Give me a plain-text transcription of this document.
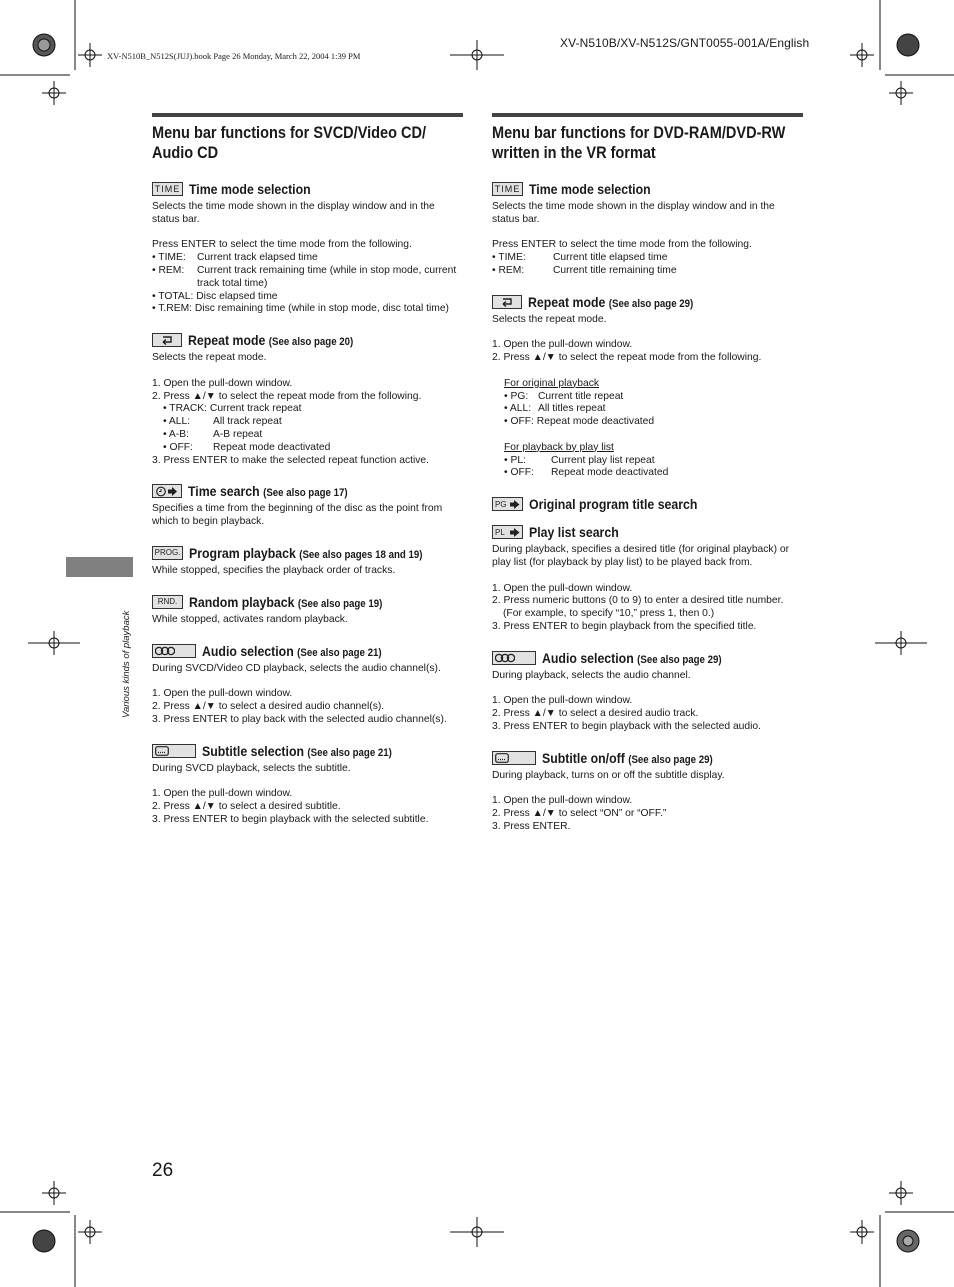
XV-N510B/XV-N512S/GNT0055-001A/English
XV-N510B_N512S(JUJ).book Page 26 Monday, March 22, 2004 1:39 PM
Various kinds of playback
Menu bar functions for SVCD/Video CD/ Audio CD
TIME Time mode selection

Selects the time mode shown in the display window and in the status bar.

Press ENTER to select the time mode from the following.

• TIME: Current track elapsed time

• REM:	Current track remaining time (while in stop mode, current track total time)

• TOTAL: Disc elapsed time

• T.REM: Disc remaining time (while in stop mode, disc total time)

Repeat mode (See also page 20)

Selects the repeat mode.

1. Open the pull-down window.

2. Press ▲/▼ to select the repeat mode from the following.

• TRACK: Current track repeat

• ALL: All track repeat

• A-B: A-B repeat

• OFF: Repeat mode deactivated

3. Press ENTER to make the selected repeat function active.

Time search (See also page 17)

Specifies a time from the beginning of the disc as the point from which to begin playback.

PROG. Program playback (See also pages 18 and 19)

While stopped, specifies the playback order of tracks.

RND. Random playback (See also page 19)

While stopped, activates random playback.

Audio selection (See also page 21)

During SVCD/Video CD playback, selects the audio channel(s).

1. Open the pull-down window.

2. Press ▲/▼ to select a desired audio channel(s).

3. Press ENTER to play back with the selected audio channel(s).

Subtitle selection (See also page 21)

During SVCD playback, selects the subtitle.

1. Open the pull-down window.

2. Press ▲/▼ to select a desired subtitle.

3. Press ENTER to begin playback with the selected subtitle.

Menu bar functions for DVD-RAM/DVD-RW written in the VR format
TIME Time mode selection

Selects the time mode shown in the display window and in the status bar.

Press ENTER to select the time mode from the following.

• TIME:	Current title elapsed time

• REM:	Current title remaining time

Repeat mode (See also page 29)

Selects the repeat mode.

1. Open the pull-down window.

2. Press ▲/▼ to select the repeat mode from the following.

For original playback

• PG: Current title repeat

• ALL: All titles repeat

• OFF: Repeat mode deactivated

For playback by play list

• PL: Current play list repeat

• OFF: Repeat mode deactivated

PG Original program title search
PL Play list search

During playback, specifies a desired title (for original playback) or play list (for playback by play list) to be played back from.

1. Open the pull-down window.

2. Press numeric buttons (0 to 9) to enter a desired title number.

(For example, to specify “10,” press 1, then 0.)

3. Press ENTER to begin playback from the specified title.

Audio selection (See also page 29)

During playback, selects the audio channel.

1. Open the pull-down window.

2. Press ▲/▼ to select a desired audio track.

3. Press ENTER to begin playback with the selected audio.

Subtitle on/off (See also page 29)

During playback, turns on or off the subtitle display.

1. Open the pull-down window.

2. Press ▲/▼ to select “ON” or “OFF.”

3. Press ENTER.

26
